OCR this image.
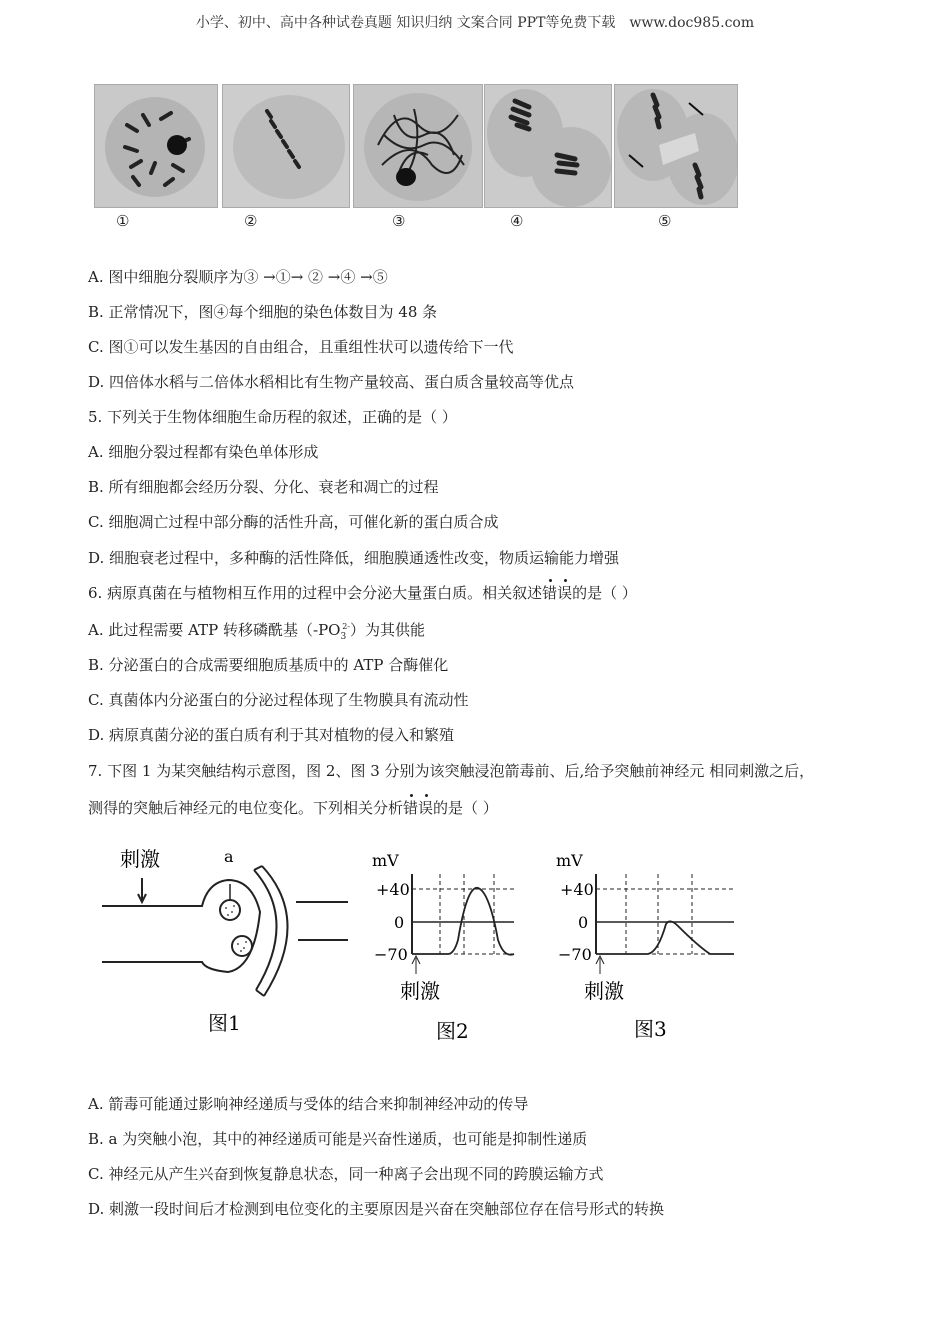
小学、初中、高中各种试卷真题 知识归纳 文案合同 PPT等免费下载 www.doc985.com
①	②	③	④	⑤
A. 图中细胞分裂顺序为③ →①→ ② →④ →⑤
B. 正常情况下，图④每个细胞的染色体数目为 48 条
C. 图①可以发生基因的自由组合，且重组性状可以遗传给下一代
D. 四倍体水稻与二倍体水稻相比有生物产量较高、蛋白质含量较高等优点
5. 下列关于生物体细胞生命历程的叙述，正确的是（ ）
A. 细胞分裂过程都有染色单体形成
B. 所有细胞都会经历分裂、分化、衰老和凋亡的过程
C. 细胞凋亡过程中部分酶的活性升高，可催化新的蛋白质合成
D. 细胞衰老过程中，多种酶的活性降低，细胞膜通透性改变，物质运输能力增强
6. 病原真菌在与植物相互作用的过程中会分泌大量蛋白质。相关叙述错误的是（ ）
A. 此过程需要 ATP 转移磷酰基$(-PO_3^{2-})$为其供能
B. 分泌蛋白的合成需要细胞质基质中的 ATP 合酶催化
C. 真菌体内分泌蛋白的分泌过程体现了生物膜具有流动性
D. 病原真菌分泌的蛋白质有利于其对植物的侵入和繁殖
7. 下图 1 为某突触结构示意图，图 2、图 3 分别为该突触浸泡箭毒前、后,给予突触前神经元 相同刺激之后，
测得的突触后神经元的电位变化。下列相关分析错误的是（ ）
刺激	a
图1
mV
+40
0
−70
刺激
图2
mV
+40
0
−70
刺激
图3
A. 箭毒可能通过影响神经递质与受体的结合来抑制神经冲动的传导
B. a 为突触小泡，其中的神经递质可能是兴奋性递质，也可能是抑制性递质
C. 神经元从产生兴奋到恢复静息状态，同一种离子会出现不同的跨膜运输方式
D. 刺激一段时间后才检测到电位变化的主要原因是兴奋在突触部位存在信号形式的转换
